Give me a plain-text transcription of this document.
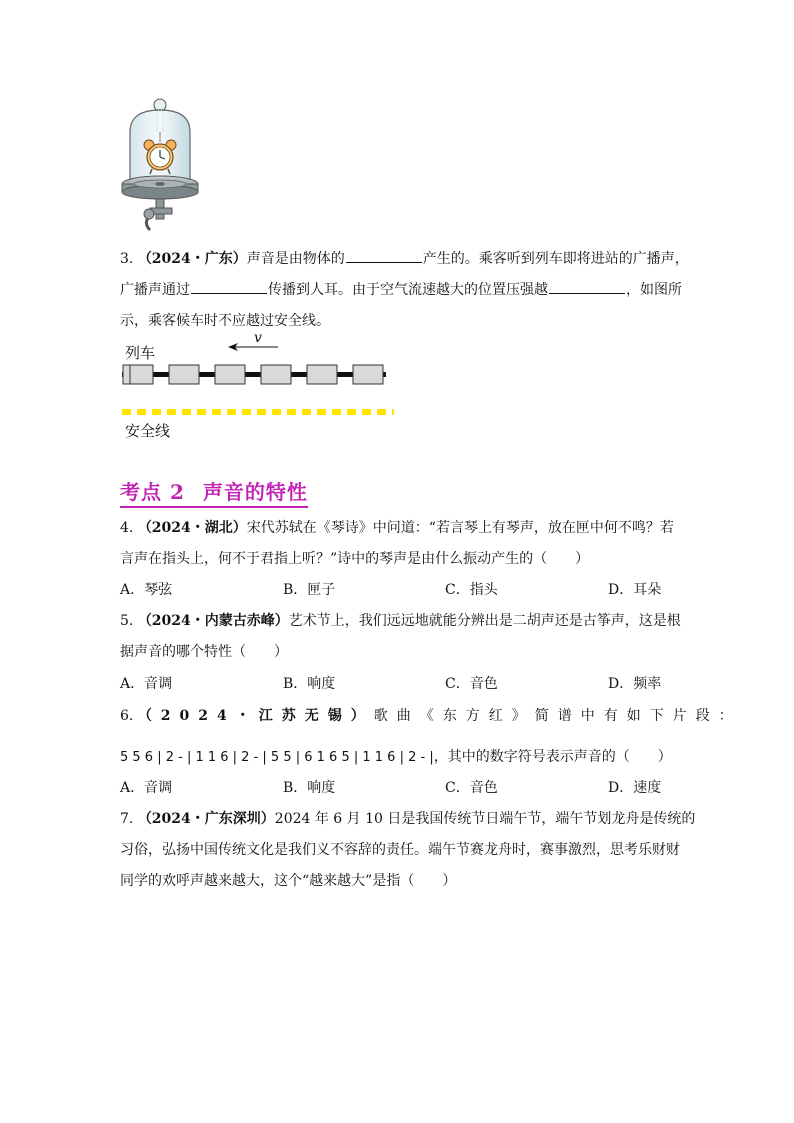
3. （2024・广东）声音是由物体的	产生的。乘客听到列车即将进站的广播声，
广播声通过	传播到人耳。由于空气流速越大的位置压强越	，如图所
示，乘客候车时不应越过安全线。
列车
v
安全线
考点 2 声音的特性
4. （2024・湖北）宋代苏轼在《琴诗》中问道：“若言琴上有琴声，放在匣中何不鸣？若
言声在指头上，何不于君指上听？”诗中的琴声是由什么振动产生的（　　）
A．琴弦	B．匣子	C．指头	D．耳朵
5. （2024・内蒙古赤峰）艺术节上，我们远远地就能分辨出是二胡声还是古筝声，这是根
据声音的哪个特性（　　）
A．音调	B．响度	C．音色	D．频率
6. （2024・江苏无锡）歌曲《东方红》简谱中有如下片段：
5 5 6 | 2 - | 1 1 6 | 2 - | 5 5 | 6 1 6 5 | 1 1 6 | 2 - |，其中的数字符号表示声音的（　　）
A．音调	B．响度	C．音色	D．速度
7. （2024・广东深圳）2024 年 6 月 10 日是我国传统节日端午节，端午节划龙舟是传统的
习俗，弘扬中国传统文化是我们义不容辞的责任。端午节赛龙舟时，赛事激烈，思考乐财财
同学的欢呼声越来越大，这个“越来越大”是指（　　）
